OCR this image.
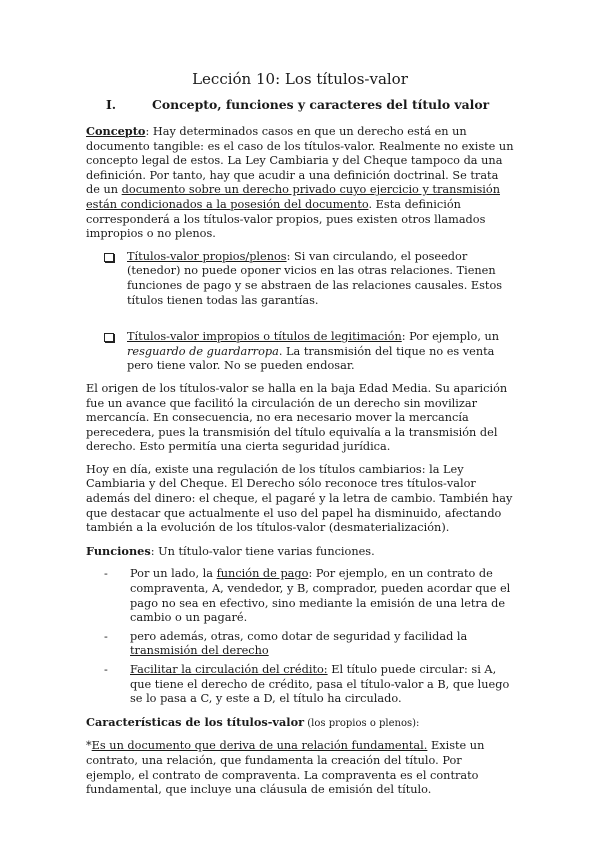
Lección 10: Los títulos-valor
I.	Concepto, funciones y caracteres del título valor

Concepto: Hay determinados casos en que un derecho está en un documento tangible: es el caso de los títulos-valor. Realmente no existe un concepto legal de estos. La Ley Cambiaria y del Cheque tampoco da una definición. Por tanto, hay que acudir a una definición doctrinal. Se trata de un documento sobre un derecho privado cuyo ejercicio y transmisión están condicionados a la posesión del documento. Esta definición corresponderá a los títulos-valor propios, pues existen otros llamados impropios o no plenos.

Títulos-valor propios/plenos: Si van circulando, el poseedor (tenedor) no puede oponer vicios en las otras relaciones. Tienen funciones de pago y se abstraen de las relaciones causales. Estos títulos tienen todas las garantías.
Títulos-valor impropios o títulos de legitimación: Por ejemplo, un resguardo de guardarropa. La transmisión del tique no es venta pero tiene valor. No se pueden endosar.

El origen de los títulos-valor se halla en la baja Edad Media. Su aparición fue un avance que facilitó la circulación de un derecho sin movilizar mercancía. En consecuencia, no era necesario mover la mercancía perecedera, pues la transmisión del título equivalía a la transmisión del derecho. Esto permitía una cierta seguridad jurídica.

Hoy en día, existe una regulación de los títulos cambiarios: la Ley Cambiaria y del Cheque. El Derecho sólo reconoce tres títulos-valor además del dinero: el cheque, el pagaré y la letra de cambio. También hay que destacar que actualmente el uso del papel ha disminuido, afectando también a la evolución de los títulos-valor (desmaterialización).

Funciones: Un título-valor tiene varias funciones.

-	Por un lado, la función de pago: Por ejemplo, en un contrato de compraventa, A, vendedor, y B, comprador, pueden acordar que el pago no sea en efectivo, sino mediante la emisión de una letra de cambio o un pagaré.
-	pero además, otras, como dotar de seguridad y facilidad la transmisión del derecho
-	Facilitar la circulación del crédito: El título puede circular: si A, que tiene el derecho de crédito, pasa el título-valor a B, que luego se lo pasa a C, y este a D, el título ha circulado.

Características de los títulos-valor (los propios o plenos):

*Es un documento que deriva de una relación fundamental. Existe un contrato, una relación, que fundamenta la creación del título. Por ejemplo, el contrato de compraventa. La compraventa es el contrato fundamental, que incluye una cláusula de emisión del título.
